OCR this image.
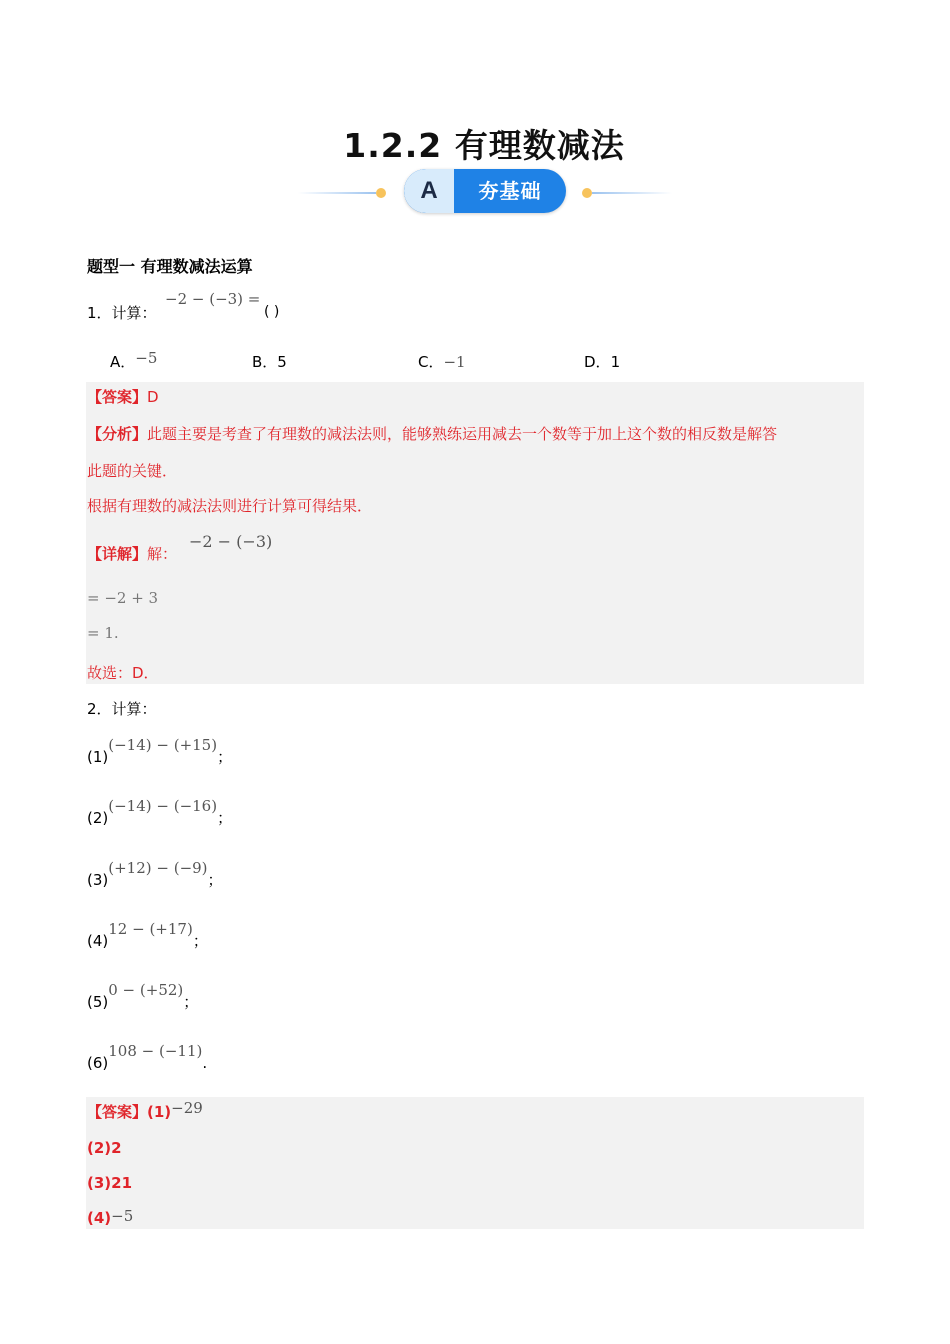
1.2.2 有理数减法
A	夯基础
题型一 有理数减法运算
1．计算：
−2 − (−3) =
( )
A．−5	B．5	C．−1	D．1
【答案】D
【分析】此题主要是考查了有理数的减法法则，能够熟练运用减去一个数等于加上这个数的相反数是解答
此题的关键．
根据有理数的减法法则进行计算可得结果．
【详解】解：
−2 − (−3)
= −2 + 3
= 1.
故选：D．
2．计算：
(1)(−14) − (+15)；
(2)(−14) − (−16)；
(3)(+12) − (−9)；
(4)12 − (+17)；
(5)0 − (+52)；
(6)108 − (−11).
【答案】(1)−29
(2)2
(3)21
(4)−5
